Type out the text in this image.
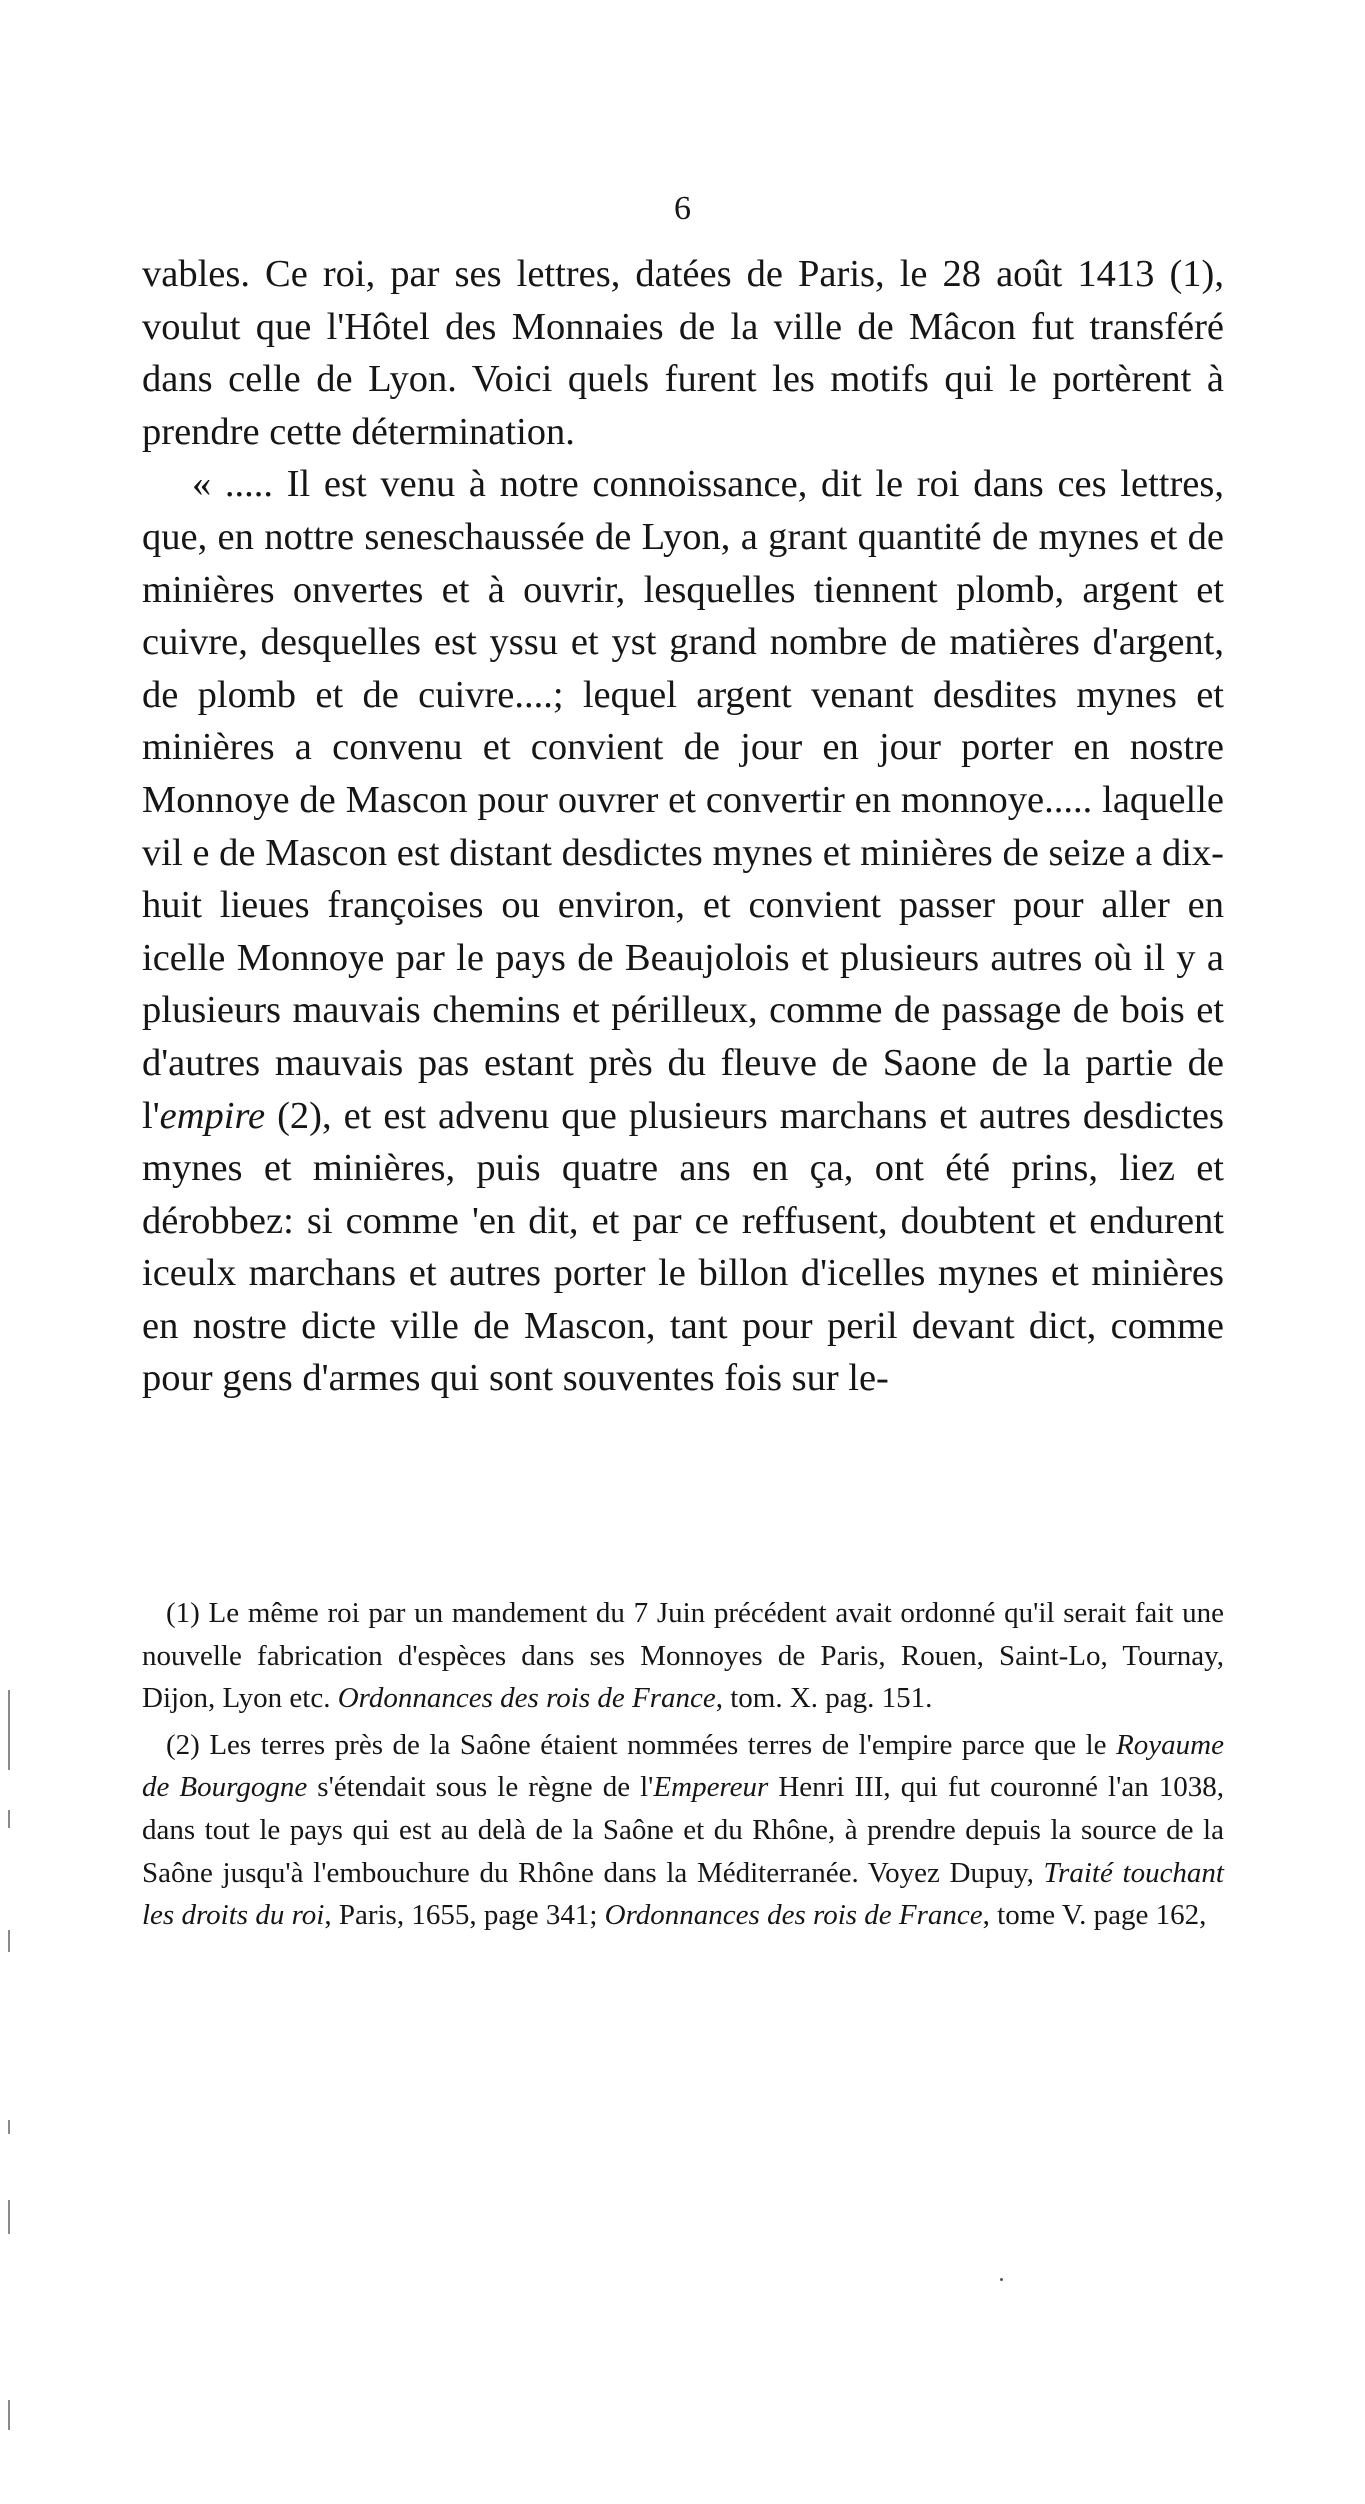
6

vables. Ce roi, par ses lettres, datées de Paris, le 28 août 1413 (1), voulut que l'Hôtel des Monnaies de la ville de Mâcon fut transféré dans celle de Lyon. Voici quels furent les motifs qui le portèrent à prendre cette détermination.

« ..... Il est venu à notre connoissance, dit le roi dans ces lettres, que, en nottre seneschaussée de Lyon, a grant quantité de mynes et de minières onvertes et à ouvrir, lesquelles tiennent plomb, argent et cuivre, desquelles est yssu et yst grand nombre de matières d'argent, de plomb et de cuivre....; lequel argent venant desdites mynes et minières a convenu et convient de jour en jour porter en nostre Monnoye de Mascon pour ouvrer et convertir en monnoye..... laquelle vil e de Mascon est distant desdictes mynes et minières de seize a dix-huit lieues françoises ou environ, et convient passer pour aller en icelle Monnoye par le pays de Beaujolois et plusieurs autres où il y a plusieurs mauvais chemins et périlleux, comme de passage de bois et d'autres mauvais pas estant près du fleuve de Saone de la partie de l'empire (2), et est advenu que plusieurs marchans et autres desdictes mynes et minières, puis quatre ans en ça, ont été prins, liez et dérobbez: si comme 'en dit, et par ce reffusent, doubtent et endurent iceulx marchans et autres porter le billon d'icelles mynes et minières en nostre dicte ville de Mascon, tant pour peril devant dict, comme pour gens d'armes qui sont souventes fois sur le-

(1) Le même roi par un mandement du 7 Juin précédent avait ordonné qu'il serait fait une nouvelle fabrication d'espèces dans ses Monnoyes de Paris, Rouen, Saint-Lo, Tournay, Dijon, Lyon etc. Ordonnances des rois de France, tom. X. pag. 151.

(2) Les terres près de la Saône étaient nommées terres de l'empire parce que le Royaume de Bourgogne s'étendait sous le règne de l'Empereur Henri III, qui fut couronné l'an 1038, dans tout le pays qui est au delà de la Saône et du Rhône, à prendre depuis la source de la Saône jusqu'à l'embouchure du Rhône dans la Méditerranée. Voyez Dupuy, Traité touchant les droits du roi, Paris, 1655, page 341; Ordonnances des rois de France, tome V. page 162,
